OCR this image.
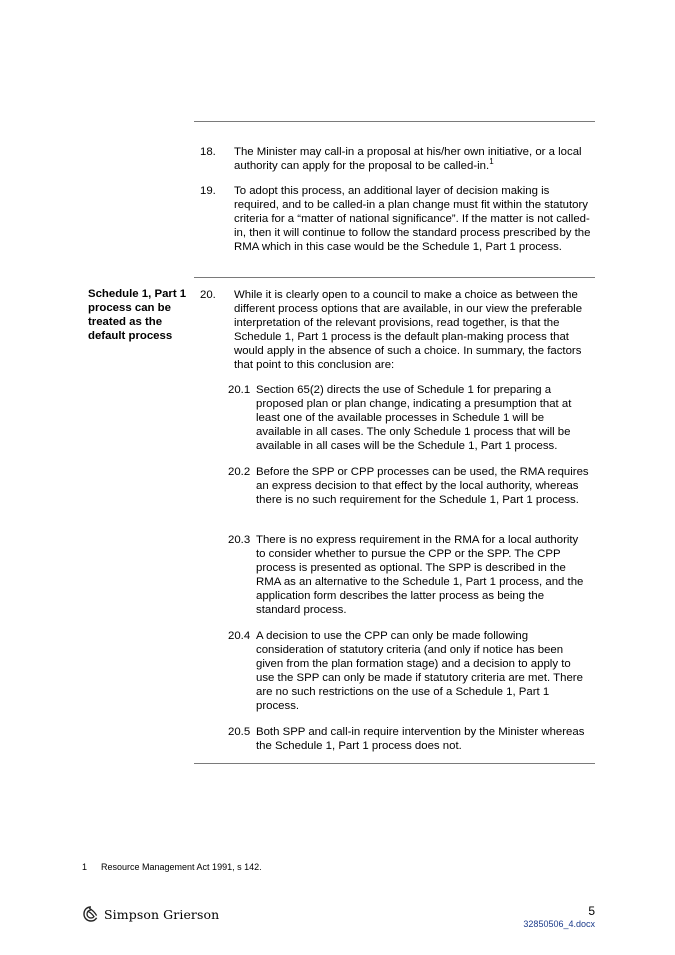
18.	The Minister may call-in a proposal at his/her own initiative, or a local authority can apply for the proposal to be called-in.$^1$
19.	To adopt this process, an additional layer of decision making is required, and to be called-in a plan change must fit within the statutory criteria for a “matter of national significance”. If the matter is not called-in, then it will continue to follow the standard process prescribed by the RMA which in this case would be the Schedule 1, Part 1 process.
Schedule 1, Part 1 process can be treated as the default process
20.	While it is clearly open to a council to make a choice as between the different process options that are available, in our view the preferable interpretation of the relevant provisions, read together, is that the Schedule 1, Part 1 process is the default plan-making process that would apply in the absence of such a choice. In summary, the factors that point to this conclusion are:
20.1 Section 65(2) directs the use of Schedule 1 for preparing a proposed plan or plan change, indicating a presumption that at least one of the available processes in Schedule 1 will be available in all cases. The only Schedule 1 process that will be available in all cases will be the Schedule 1, Part 1 process.
20.2 Before the SPP or CPP processes can be used, the RMA requires an express decision to that effect by the local authority, whereas there is no such requirement for the Schedule 1, Part 1 process.
20.3 There is no express requirement in the RMA for a local authority to consider whether to pursue the CPP or the SPP. The CPP process is presented as optional. The SPP is described in the RMA as an alternative to the Schedule 1, Part 1 process, and the application form describes the latter process as being the standard process.
20.4 A decision to use the CPP can only be made following consideration of statutory criteria (and only if notice has been given from the plan formation stage) and a decision to apply to use the SPP can only be made if statutory criteria are met. There are no such restrictions on the use of a Schedule 1, Part 1 process.
20.5 Both SPP and call-in require intervention by the Minister whereas the Schedule 1, Part 1 process does not.
1 Resource Management Act 1991, s 142.
Simpson Grierson	5
32850506_4.docx
